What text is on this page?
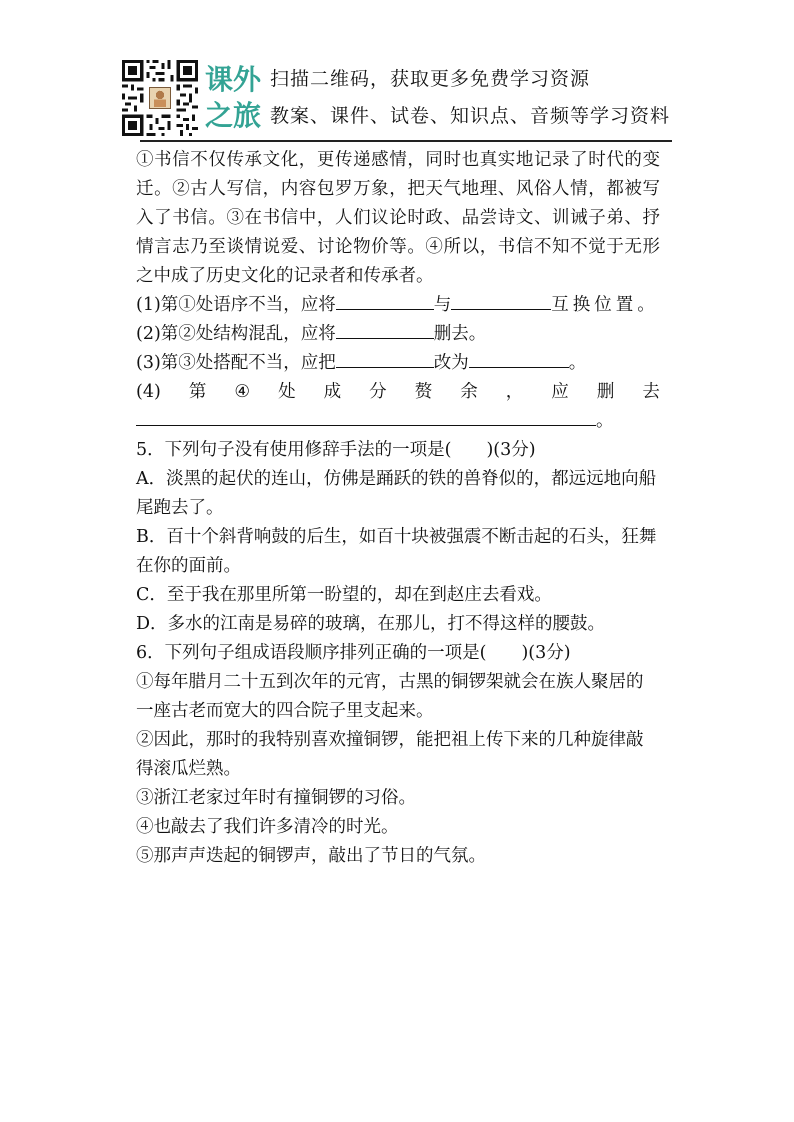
课外
之旅
扫描二维码，获取更多免费学习资源
教案、课件、试卷、知识点、音频等学习资料

①书信不仅传承文化，更传递感情，同时也真实地记录了时代的变迁。②古人写信，内容包罗万象，把天气地理、风俗人情，都被写入了书信。③在书信中，人们议论时政、品尝诗文、训诫子弟、抒情言志乃至谈情说爱、讨论物价等。④所以，书信不知不觉于无形之中成了历史文化的记录者和传承者。

(1)第①处语序不当，应将	与	互换位置。

(2)第②处结构混乱，应将	删去。

(3)第③处搭配不当，应把	改为	。

(4) 第 ④ 处 成 分 赘 余 ， 应 删 去

。

5．下列句子没有使用修辞手法的一项是(　　)(3分)

A．淡黑的起伏的连山，仿佛是踊跃的铁的兽脊似的，都远远地向船尾跑去了。

B．百十个斜背响鼓的后生，如百十块被强震不断击起的石头，狂舞在你的面前。

C．至于我在那里所第一盼望的，却在到赵庄去看戏。

D．多水的江南是易碎的玻璃，在那儿，打不得这样的腰鼓。

6．下列句子组成语段顺序排列正确的一项是(　　)(3分)

①每年腊月二十五到次年的元宵，古黑的铜锣架就会在族人聚居的一座古老而宽大的四合院子里支起来。

②因此，那时的我特别喜欢撞铜锣，能把祖上传下来的几种旋律敲得滚瓜烂熟。

③浙江老家过年时有撞铜锣的习俗。

④也敲去了我们许多清冷的时光。

⑤那声声迭起的铜锣声，敲出了节日的气氛。
